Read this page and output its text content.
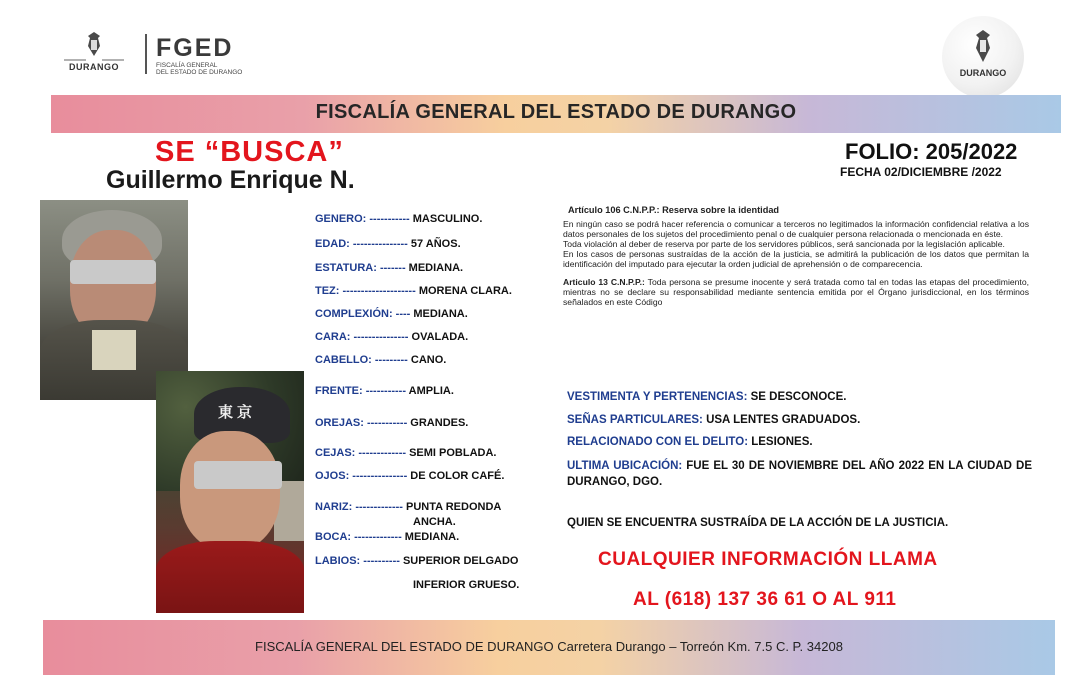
DURANGO
FGED
FISCALÍA GENERAL
DEL ESTADO DE DURANGO	DURANGO
FISCALÍA GENERAL DEL ESTADO DE DURANGO
SE “BUSCA”
Guillermo Enrique N.
FOLIO: 205/2022
FECHA 02/DICIEMBRE /2022
東京
GENERO: ----------- MASCULINO.
EDAD: --------------- 57 AÑOS.
ESTATURA: ------- MEDIANA.
TEZ: -------------------- MORENA CLARA.
COMPLEXIÓN: ---- MEDIANA.
CARA: --------------- OVALADA.
CABELLO: --------- CANO.
FRENTE: ----------- AMPLIA.
OREJAS: ----------- GRANDES.
CEJAS: ------------- SEMI POBLADA.
OJOS: --------------- DE COLOR CAFÉ.
NARIZ: ------------- PUNTA REDONDA
ANCHA.
BOCA: ------------- MEDIANA.
LABIOS: ---------- SUPERIOR DELGADO
INFERIOR GRUESO.
Artículo 106 C.N.P.P.: Reserva sobre la identidad

En ningún caso se podrá hacer referencia o comunicar a terceros no legitimados la información confidencial relativa a los datos personales de los sujetos del procedimiento penal o de cualquier persona relacionada o mencionada en éste.

Toda violación al deber de reserva por parte de los servidores públicos, será sancionada por la legislación aplicable.

En los casos de personas sustraídas de la acción de la justicia, se admitirá la publicación de los datos que permitan la identificación del imputado para ejecutar la orden judicial de aprehensión o de comparecencia.

Articulo 13 C.N.P.P.: Toda persona se presume inocente y será tratada como tal en todas las etapas del procedimiento, mientras no se declare su responsabilidad mediante sentencia emitida por el Órgano jurisdiccional, en los términos señalados en este Código

VESTIMENTA Y PERTENENCIAS: SE DESCONOCE.
SEÑAS PARTICULARES: USA LENTES GRADUADOS.
RELACIONADO CON EL DELITO: LESIONES.
ULTIMA UBICACIÓN: FUE EL 30 DE NOVIEMBRE DEL AÑO 2022 EN LA CIUDAD DE DURANGO, DGO.
QUIEN SE ENCUENTRA SUSTRAÍDA DE LA ACCIÓN DE LA JUSTICIA.
CUALQUIER INFORMACIÓN LLAMA
AL (618) 137 36 61 O AL 911
FISCALÍA GENERAL DEL ESTADO DE DURANGO Carretera Durango – Torreón Km. 7.5 C. P. 34208
